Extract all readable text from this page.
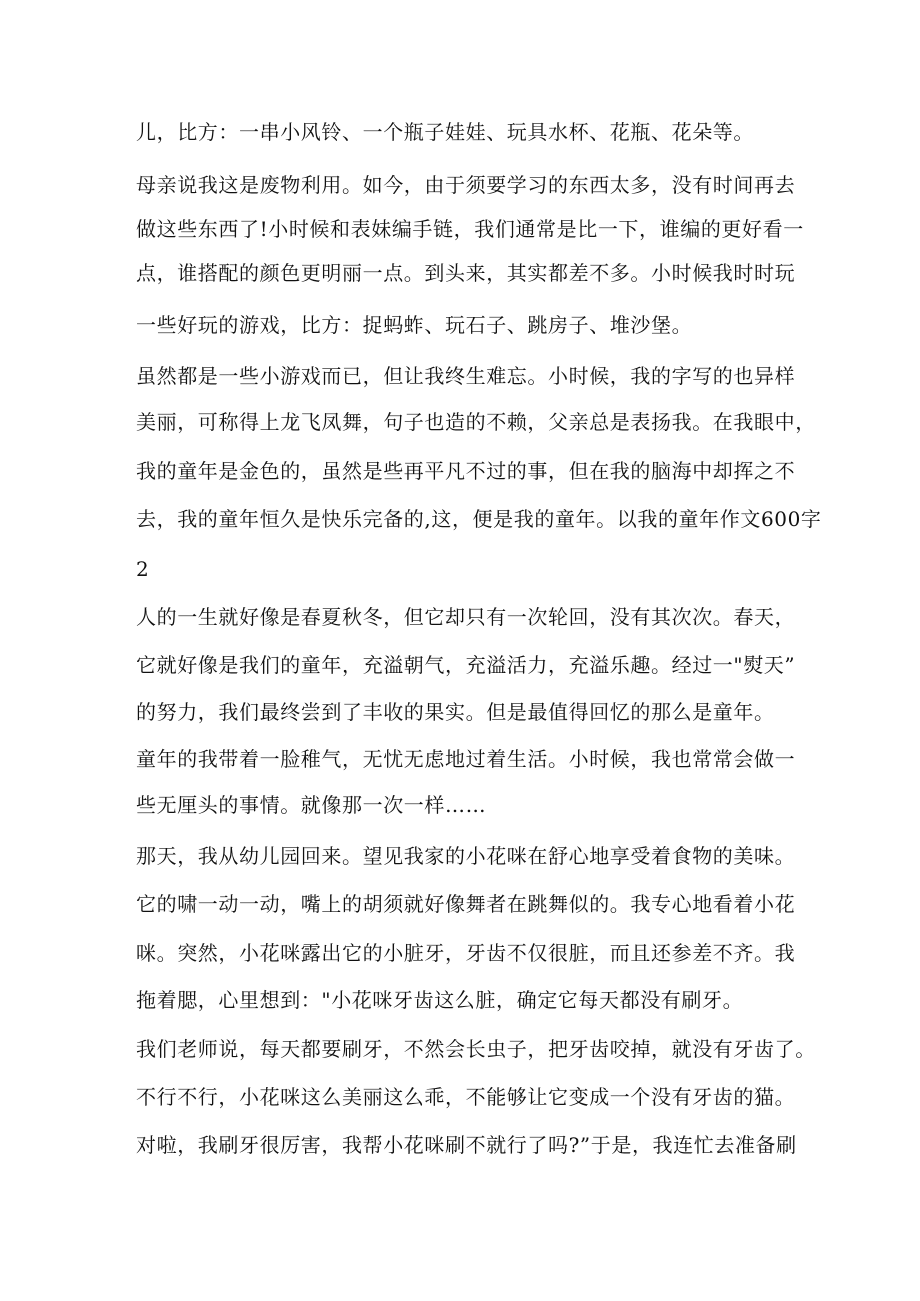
儿，比方：一串小风铃、一个瓶子娃娃、玩具水杯、花瓶、花朵等。

母亲说我这是废物利用。如今，由于须要学习的东西太多，没有时间再去

做这些东西了!小时候和表妹编手链，我们通常是比一下，谁编的更好看一

点，谁搭配的颜色更明丽一点。到头来，其实都差不多。小时候我时时玩

一些好玩的游戏，比方：捉蚂蚱、玩石子、跳房子、堆沙堡。

虽然都是一些小游戏而已，但让我终生难忘。小时候，我的字写的也异样

美丽，可称得上龙飞凤舞，句子也造的不赖，父亲总是表扬我。在我眼中，

我的童年是金色的，虽然是些再平凡不过的事，但在我的脑海中却挥之不

去，我的童年恒久是快乐完备的,这，便是我的童年。以我的童年作文600字

2

人的一生就好像是春夏秋冬，但它却只有一次轮回，没有其次次。春天，

它就好像是我们的童年，充溢朝气，充溢活力，充溢乐趣。经过一"熨天”

的努力，我们最终尝到了丰收的果实。但是最值得回忆的那么是童年。

童年的我带着一脸稚气，无忧无虑地过着生活。小时候，我也常常会做一

些无厘头的事情。就像那一次一样……

那天，我从幼儿园回来。望见我家的小花咪在舒心地享受着食物的美味。

它的啸一动一动，嘴上的胡须就好像舞者在跳舞似的。我专心地看着小花

咪。突然，小花咪露出它的小脏牙，牙齿不仅很脏，而且还参差不齐。我

拖着腮，心里想到："小花咪牙齿这么脏，确定它每天都没有刷牙。

我们老师说，每天都要刷牙，不然会长虫子，把牙齿咬掉，就没有牙齿了。

不行不行，小花咪这么美丽这么乖，不能够让它变成一个没有牙齿的猫。

对啦，我刷牙很厉害，我帮小花咪刷不就行了吗?”于是，我连忙去准备刷
